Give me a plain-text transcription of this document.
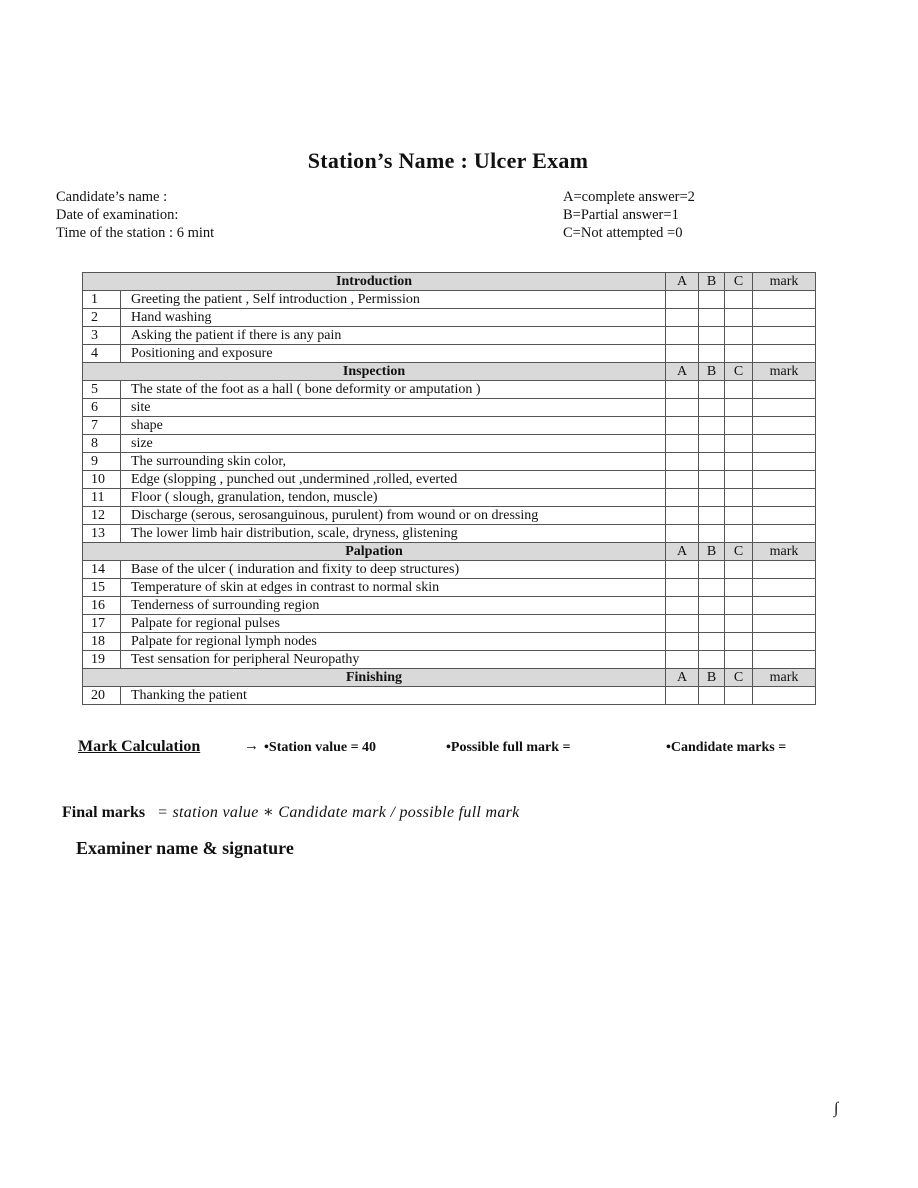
Station’s Name : Ulcer Exam
Candidate’s name :
Date of examination:
Time of the station : 6 mint
A=complete answer=2
B=Partial answer=1
C=Not attempted =0
Introduction		A	B	C	mark
1	Greeting the patient , Self introduction , Permission				
2	Hand washing				
3	Asking the patient if there is any pain				
4	Positioning and exposure				
Inspection		A	B	C	mark
5	The state of the foot as a hall ( bone deformity or amputation )				
6	site				
7	shape				
8	size				
9	The surrounding skin color,				
10	Edge (slopping , punched out ,undermined ,rolled, everted				
11	Floor ( slough, granulation, tendon, muscle)				
12	Discharge (serous, serosanguinous, purulent) from wound or on dressing				
13	The lower limb hair distribution, scale, dryness, glistening				
Palpation		A	B	C	mark
14	Base of the ulcer ( induration and fixity to deep structures)				
15	Temperature of skin at edges in contrast to normal skin				
16	Tenderness of surrounding region				
17	Palpate for regional pulses				
18	Palpate for regional lymph nodes				
19	Test sensation for peripheral Neuropathy				
Finishing		A	B	C	mark
20	Thanking the patient				
Mark Calculation	→ •Station value = 40	•Possible full mark =	•Candidate marks =
Final marks = station value ∗ Candidate mark / possible full mark
Examiner name & signature
∫
